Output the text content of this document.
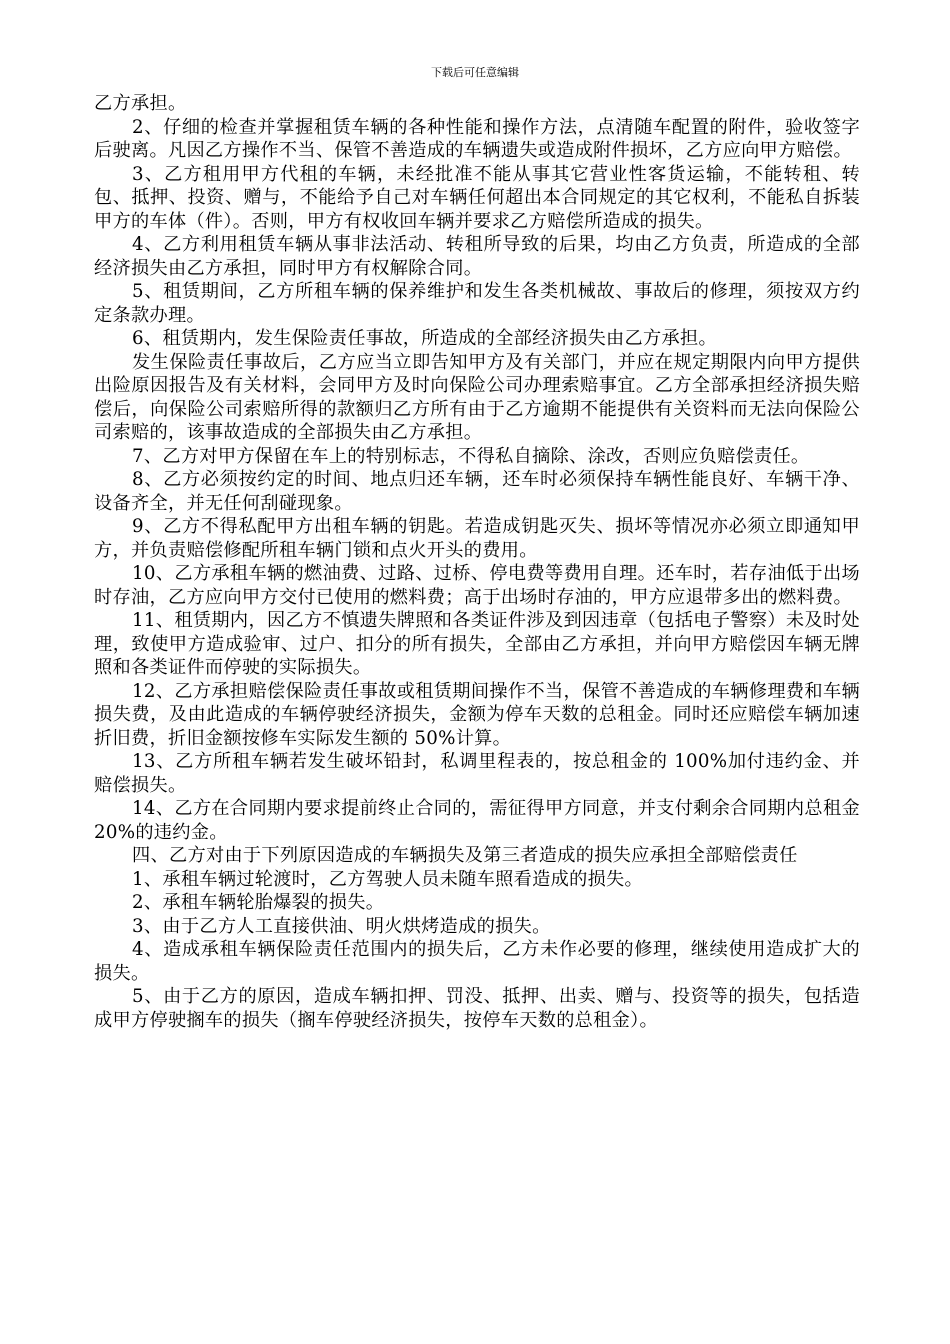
下载后可任意编辑

乙方承担。

2、仔细的检查并掌握租赁车辆的各种性能和操作方法，点清随车配置的附件，验收签字后驶离。凡因乙方操作不当、保管不善造成的车辆遗失或造成附件损坏，乙方应向甲方赔偿。

3、乙方租用甲方代租的车辆，未经批准不能从事其它营业性客货运输，不能转租、转包、抵押、投资、赠与，不能给予自己对车辆任何超出本合同规定的其它权利，不能私自拆装甲方的车体（件）。否则，甲方有权收回车辆并要求乙方赔偿所造成的损失。

4、乙方利用租赁车辆从事非法活动、转租所导致的后果，均由乙方负责，所造成的全部经济损失由乙方承担，同时甲方有权解除合同。

5、租赁期间，乙方所租车辆的保养维护和发生各类机械故、事故后的修理，须按双方约定条款办理。

6、租赁期内，发生保险责任事故，所造成的全部经济损失由乙方承担。

发生保险责任事故后，乙方应当立即告知甲方及有关部门，并应在规定期限内向甲方提供出险原因报告及有关材料，会同甲方及时向保险公司办理索赔事宜。乙方全部承担经济损失赔偿后，向保险公司索赔所得的款额归乙方所有由于乙方逾期不能提供有关资料而无法向保险公司索赔的，该事故造成的全部损失由乙方承担。

7、乙方对甲方保留在车上的特别标志，不得私自摘除、涂改，否则应负赔偿责任。

8、乙方必须按约定的时间、地点归还车辆，还车时必须保持车辆性能良好、车辆干净、设备齐全，并无任何刮碰现象。

9、乙方不得私配甲方出租车辆的钥匙。若造成钥匙灭失、损坏等情况亦必须立即通知甲方，并负责赔偿修配所租车辆门锁和点火开头的费用。

10、乙方承租车辆的燃油费、过路、过桥、停电费等费用自理。还车时，若存油低于出场时存油，乙方应向甲方交付已使用的燃料费；高于出场时存油的，甲方应退带多出的燃料费。

11、租赁期内，因乙方不慎遗失牌照和各类证件涉及到因违章（包括电子警察）未及时处理，致使甲方造成验审、过户、扣分的所有损失，全部由乙方承担，并向甲方赔偿因车辆无牌照和各类证件而停驶的实际损失。

12、乙方承担赔偿保险责任事故或租赁期间操作不当，保管不善造成的车辆修理费和车辆损失费，及由此造成的车辆停驶经济损失，金额为停车天数的总租金。同时还应赔偿车辆加速折旧费，折旧金额按修车实际发生额的 50%计算。

13、乙方所租车辆若发生破坏铅封，私调里程表的，按总租金的 100%加付违约金、并赔偿损失。

14、乙方在合同期内要求提前终止合同的，需征得甲方同意，并支付剩余合同期内总租金 20%的违约金。

四、乙方对由于下列原因造成的车辆损失及第三者造成的损失应承担全部赔偿责任

1、承租车辆过轮渡时，乙方驾驶人员未随车照看造成的损失。

2、承租车辆轮胎爆裂的损失。

3、由于乙方人工直接供油、明火烘烤造成的损失。

4、造成承租车辆保险责任范围内的损失后，乙方未作必要的修理，继续使用造成扩大的损失。

5、由于乙方的原因，造成车辆扣押、罚没、抵押、出卖、赠与、投资等的损失，包括造成甲方停驶搁车的损失（搁车停驶经济损失，按停车天数的总租金）。
